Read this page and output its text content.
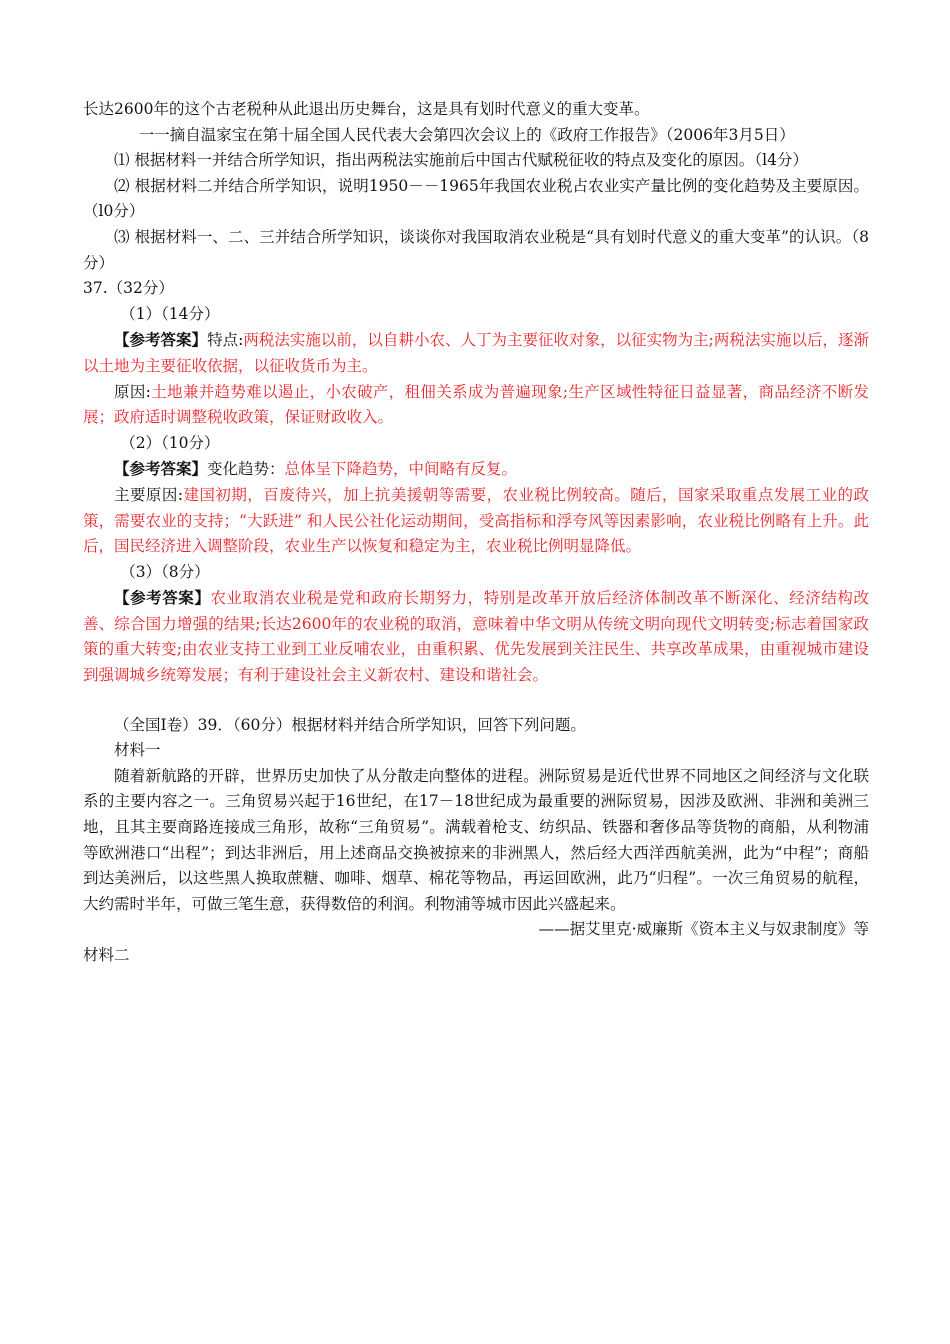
长达2600年的这个古老税种从此退出历史舞台，这是具有划时代意义的重大变革。

一一摘自温家宝在第十届全国人民代表大会第四次会议上的《政府工作报告》（2006年3月5日）

⑴ 根据材料一并结合所学知识，指出两税法实施前后中国古代赋税征收的特点及变化的原因。（l4分）

⑵ 根据材料二并结合所学知识，说明1950－－1965年我国农业税占农业实产量比例的变化趋势及主要原因。（l0分）

⑶ 根据材料一、二、三并结合所学知识，谈谈你对我国取消农业税是“具有划时代意义的重大变革”的认识。（8分）

37.（32分）

（1）（14分）

【参考答案】特点:两税法实施以前，以自耕小农、人丁为主要征收对象，以征实物为主;两税法实施以后，逐渐以土地为主要征收依据，以征收货币为主。

原因:土地兼并趋势难以遏止，小农破产，租佃关系成为普遍现象;生产区域性特征日益显著，商品经济不断发展；政府适时调整税收政策，保证财政收入。

（2）（10分）

【参考答案】变化趋势：总体呈下降趋势，中间略有反复。

主要原因:建国初期，百废待兴，加上抗美援朝等需要，农业税比例较高。随后，国家采取重点发展工业的政策，需要农业的支持；“大跃进” 和人民公社化运动期间，受高指标和浮夸风等因素影响，农业税比例略有上升。此后，国民经济进入调整阶段，农业生产以恢复和稳定为主，农业税比例明显降低。

（3）（8分）

【参考答案】农业取消农业税是党和政府长期努力，特别是改革开放后经济体制改革不断深化、经济结构改善、综合国力增强的结果;长达2600年的农业税的取消，意味着中华文明从传统文明向现代文明转变;标志着国家政策的重大转变;由农业支持工业到工业反哺农业，由重积累、优先发展到关注民生、共享改革成果，由重视城市建设到强调城乡统筹发展；有利于建设社会主义新农村、建设和谐社会。

（全国I卷）39．（60分）根据材料并结合所学知识，回答下列问题。

材料一

随着新航路的开辟，世界历史加快了从分散走向整体的进程。洲际贸易是近代世界不同地区之间经济与文化联系的主要内容之一。三角贸易兴起于16世纪，在17－18世纪成为最重要的洲际贸易，因涉及欧洲、非洲和美洲三地，且其主要商路连接成三角形，故称“三角贸易”。满载着枪支、纺织品、铁器和奢侈品等货物的商船，从利物浦等欧洲港口“出程”；到达非洲后，用上述商品交换被掠来的非洲黑人，然后经大西洋西航美洲，此为“中程”；商船到达美洲后，以这些黑人换取蔗糖、咖啡、烟草、棉花等物品，再运回欧洲，此乃“归程”。一次三角贸易的航程，大约需时半年，可做三笔生意，获得数倍的利润。利物浦等城市因此兴盛起来。

——据艾里克·威廉斯《资本主义与奴隶制度》等

材料二
